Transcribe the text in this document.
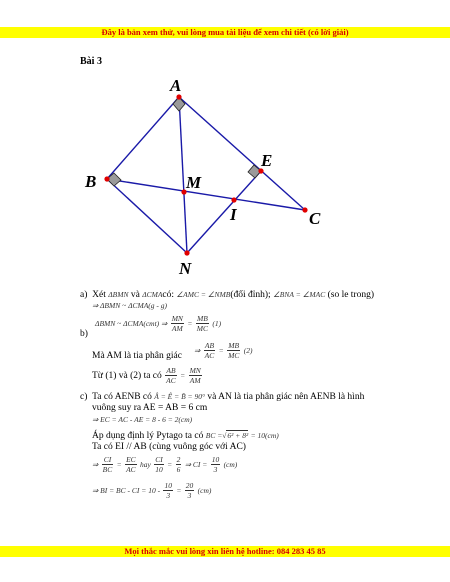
Đây là bản xem thử, vui lòng mua tài liệu để xem chi tiết (có lời giải)
Bài 3
A
B	M
E
I	C
N
a) Xét ΔBMN và ΔCMAcó: ∠AMC = ∠NMB(đối đỉnh); ∠BNA = ∠MAC (so le trong)
⇒ ΔBMN ~ ΔCMA(g - g)
b)   $^{\Delta BMN \sim \Delta CMA(cmt) \Rightarrow} \frac{MN}{AM} ^= \frac{MB}{MC} ^{(1)}$
⇒ $\frac{AB}{AC} = \frac{MB}{MC} (2)$
Mà AM là tia phân giác
Từ (1) và (2) ta có $\frac{AB}{AC} = \frac{MN}{AM}$
c) Ta có AENB có Â = Ê = B̂ = 90° và AN là tia phân giác nên AENB là hình
vuông suy ra AE = AB = 6 cm
⇒ EC = AC - AE = 8 - 6 = 2(cm)
Áp dụng định lý Pytago ta có BC =√6² + 8² = 10(cm)
Ta có EI // AB (cùng vuông góc với AC)
⇒ $\frac{CI}{BC} = \frac{EC}{AC}$ hay $\frac{CI}{10} = \frac{2}{6}$ ⇒ CI = $\frac{10}{3} (cm)$
⇒ BI = BC - CI = $10 - \frac{10}{3} = \frac{20}{3} (cm)$
Mọi thắc mắc vui lòng xin liên hệ hotline: 084 283 45 85
